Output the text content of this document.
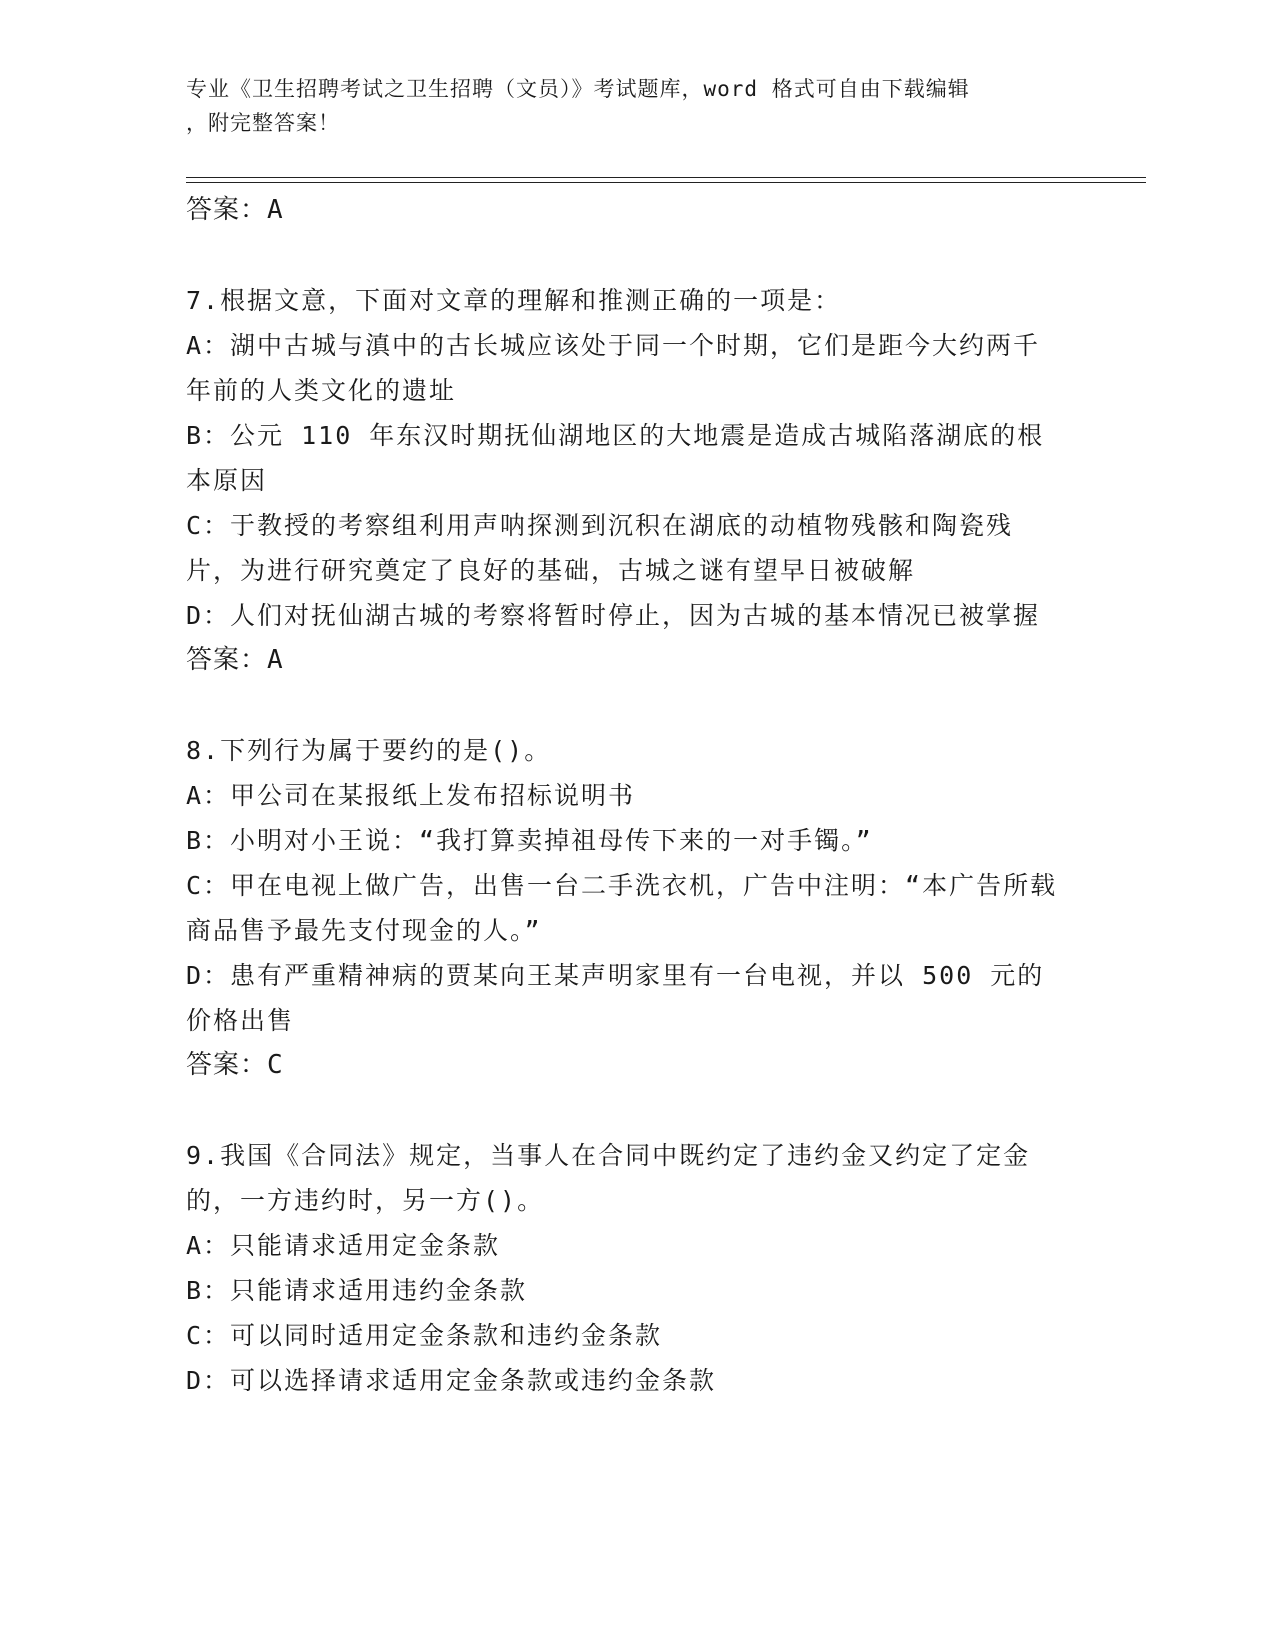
专业《卫生招聘考试之卫生招聘（文员）》考试题库，word 格式可自由下载编辑

，附完整答案！

答案：A

7.根据文意，下面对文章的理解和推测正确的一项是：

A：湖中古城与滇中的古长城应该处于同一个时期，它们是距今大约两千年前的人类文化的遗址

B：公元 110 年东汉时期抚仙湖地区的大地震是造成古城陷落湖底的根本原因

C：于教授的考察组利用声呐探测到沉积在湖底的动植物残骸和陶瓷残片，为进行研究奠定了良好的基础，古城之谜有望早日被破解

D：人们对抚仙湖古城的考察将暂时停止，因为古城的基本情况已被掌握

答案：A

8.下列行为属于要约的是()。

A：甲公司在某报纸上发布招标说明书

B：小明对小王说：“我打算卖掉祖母传下来的一对手镯。”

C：甲在电视上做广告，出售一台二手洗衣机，广告中注明：“本广告所载商品售予最先支付现金的人。”

D：患有严重精神病的贾某向王某声明家里有一台电视，并以 500 元的价格出售

答案：C

9.我国《合同法》规定，当事人在合同中既约定了违约金又约定了定金的，一方违约时，另一方()。

A：只能请求适用定金条款

B：只能请求适用违约金条款

C：可以同时适用定金条款和违约金条款

D：可以选择请求适用定金条款或违约金条款
